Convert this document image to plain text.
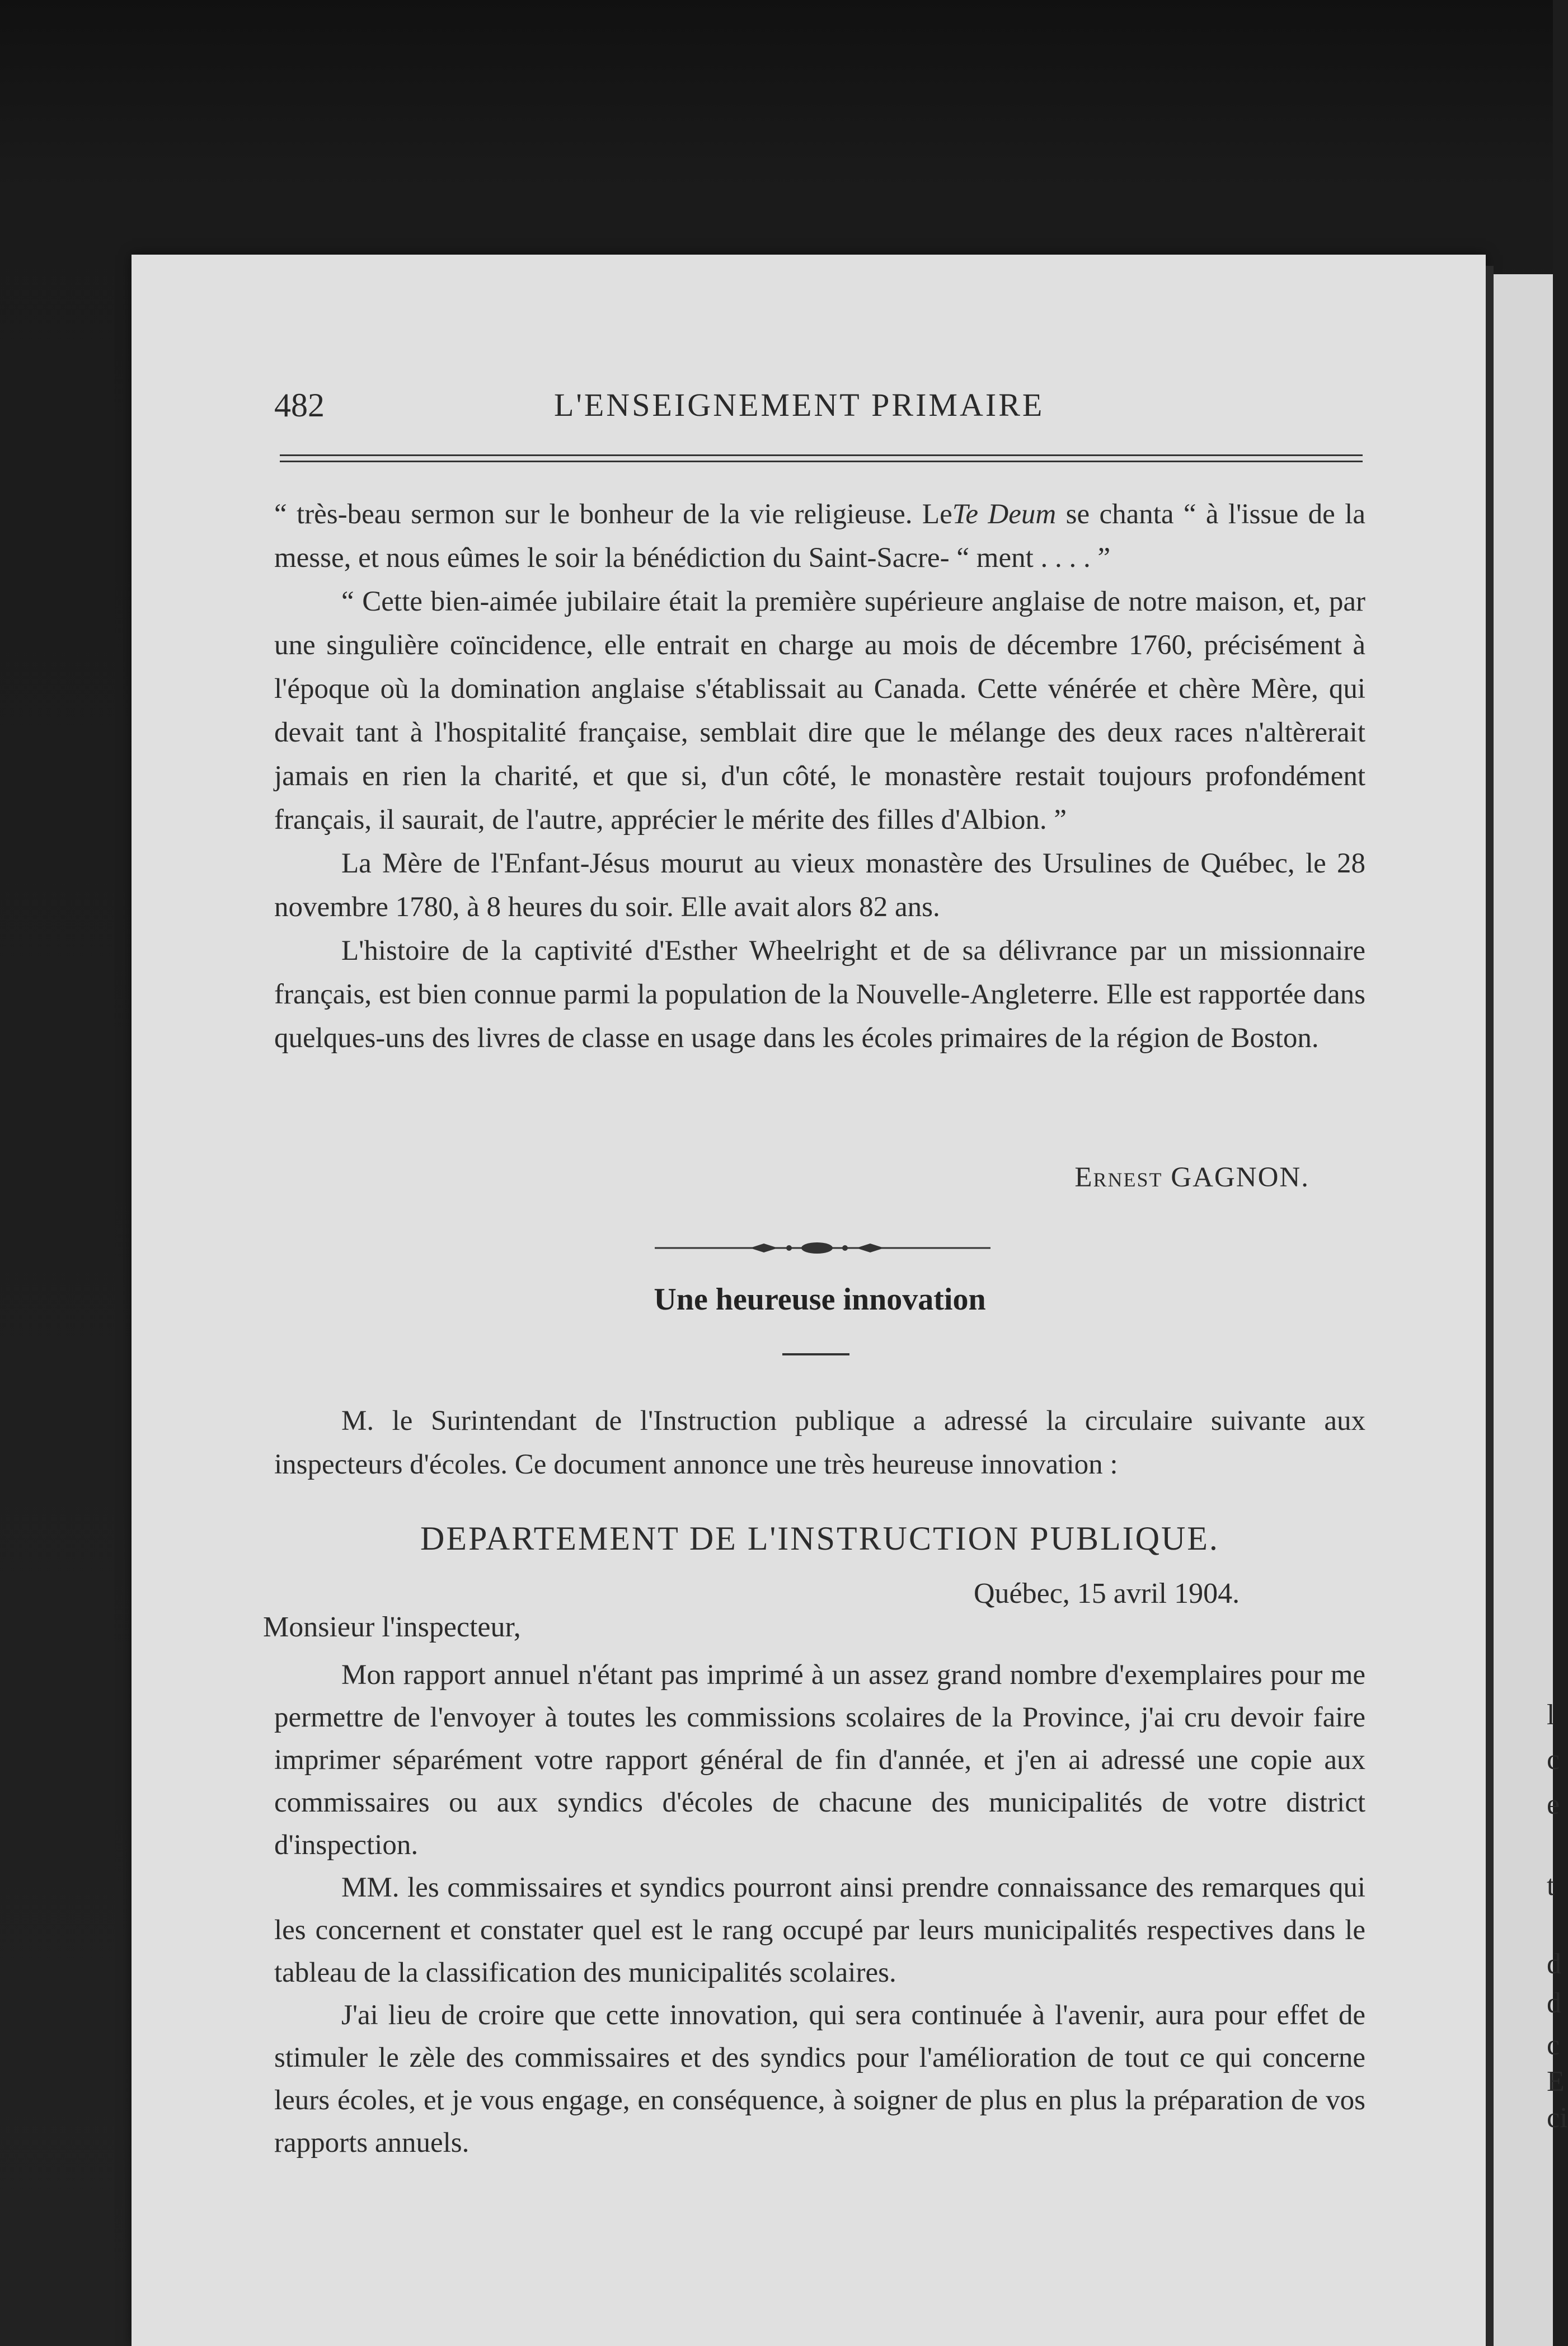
l
c
e
t
d
d
c
E
ci
482	L'ENSEIGNEMENT PRIMAIRE

“ très-beau sermon sur le bonheur de la vie religieuse. LeTe Deum se chanta “ à l'issue de la messe, et nous eûmes le soir la bénédiction du Saint-Sacre- “ ment . . . . ”

“ Cette bien-aimée jubilaire était la première supérieure anglaise de notre maison, et, par une singulière coïncidence, elle entrait en charge au mois de décembre 1760, précisément à l'époque où la domination anglaise s'établissait au Canada. Cette vénérée et chère Mère, qui devait tant à l'hospitalité française, semblait dire que le mélange des deux races n'altèrerait jamais en rien la charité, et que si, d'un côté, le monastère restait toujours profondément français, il saurait, de l'autre, apprécier le mérite des filles d'Albion. ”

La Mère de l'Enfant-Jésus mourut au vieux monastère des Ursulines de Québec, le 28 novembre 1780, à 8 heures du soir. Elle avait alors 82 ans.

L'histoire de la captivité d'Esther Wheelright et de sa délivrance par un missionnaire français, est bien connue parmi la population de la Nouvelle-Angleterre. Elle est rapportée dans quelques-uns des livres de classe en usage dans les écoles primaires de la région de Boston.

Ernest GAGNON.
Une heureuse innovation

M. le Surintendant de l'Instruction publique a adressé la circulaire suivante aux inspecteurs d'écoles. Ce document annonce une très heureuse innovation :

DEPARTEMENT DE L'INSTRUCTION PUBLIQUE.
Québec, 15 avril 1904.
Monsieur l'inspecteur,

Mon rapport annuel n'étant pas imprimé à un assez grand nombre d'exemplaires pour me permettre de l'envoyer à toutes les commissions scolaires de la Province, j'ai cru devoir faire imprimer séparément votre rapport général de fin d'année, et j'en ai adressé une copie aux commissaires ou aux syndics d'écoles de chacune des municipalités de votre district d'inspection.

MM. les commissaires et syndics pourront ainsi prendre connaissance des remarques qui les concernent et constater quel est le rang occupé par leurs municipalités respectives dans le tableau de la classification des municipalités scolaires.

J'ai lieu de croire que cette innovation, qui sera continuée à l'avenir, aura pour effet de stimuler le zèle des commissaires et des syndics pour l'amélioration de tout ce qui concerne leurs écoles, et je vous engage, en conséquence, à soigner de plus en plus la préparation de vos rapports annuels.
